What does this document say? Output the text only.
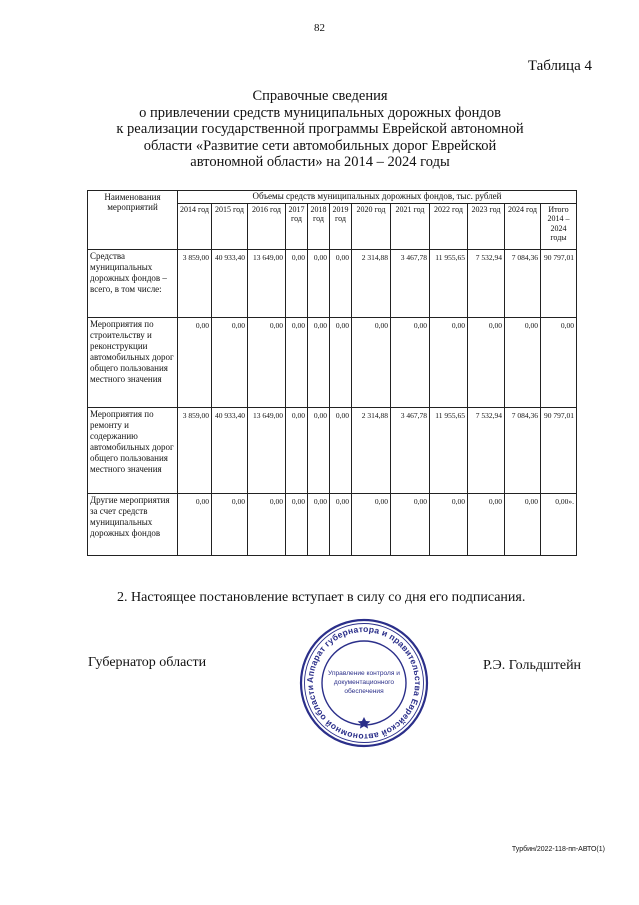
82
Таблица 4
Справочные сведения
о привлечении средств муниципальных дорожных фондов
к реализации государственной программы Еврейской автономной
области «Развитие сети автомобильных дорог Еврейской
автономной области» на 2014 – 2024 годы
Наименования мероприятий	Объемы средств муниципальных дорожных фондов, тыс. рублей											
	2014 год	2015 год	2016 год	2017 год	2018 год	2019 год	2020 год	2021 год	2022 год	2023 год	2024 год	Итого 2014 – 2024 годы
Средства муниципальных дорожных фондов – всего, в том числе:	3 859,00	40 933,40	13 649,00	0,00	0,00	0,00	2 314,88	3 467,78	11 955,65	7 532,94	7 084,36	90 797,01
Мероприятия по строительству и реконструкции автомобильных дорог общего пользования местного значения	0,00	0,00	0,00	0,00	0,00	0,00	0,00	0,00	0,00	0,00	0,00	0,00
Мероприятия по ремонту и содержанию автомобильных дорог общего пользования местного значения	3 859,00	40 933,40	13 649,00	0,00	0,00	0,00	2 314,88	3 467,78	11 955,65	7 532,94	7 084,36	90 797,01
Другие мероприятия за счет средств муниципальных дорожных фондов	0,00	0,00	0,00	0,00	0,00	0,00	0,00	0,00	0,00	0,00	0,00	0,00».
2. Настоящее постановление вступает в силу со дня его подписания.
Губернатор области	Р.Э. Гольдштейн
Аппарат губернатора и правительства Еврейской автономной области
Управление контроля и
документационного
обеспечения
Турбин/2022-118-пп-АВТО(1)
